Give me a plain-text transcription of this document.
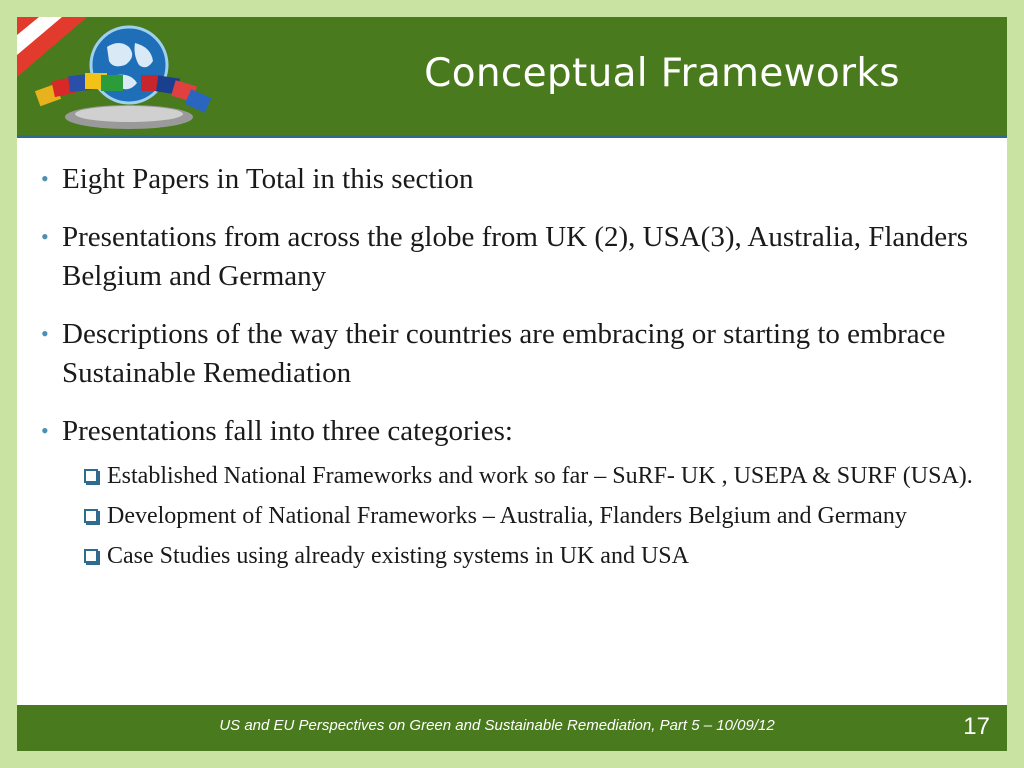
Conceptual Frameworks
• Eight Papers in Total in this section
• Presentations from across the globe from UK (2), USA(3), Australia, Flanders Belgium and Germany
• Descriptions of the way their countries are embracing or starting to embrace Sustainable Remediation
• Presentations fall into three categories:
Established National Frameworks and work so far – SuRF- UK , USEPA & SURF (USA).
Development of National Frameworks – Australia, Flanders Belgium and Germany
Case Studies using already existing systems in UK and USA
US and EU Perspectives on Green and Sustainable Remediation, Part 5 – 10/09/12	17
